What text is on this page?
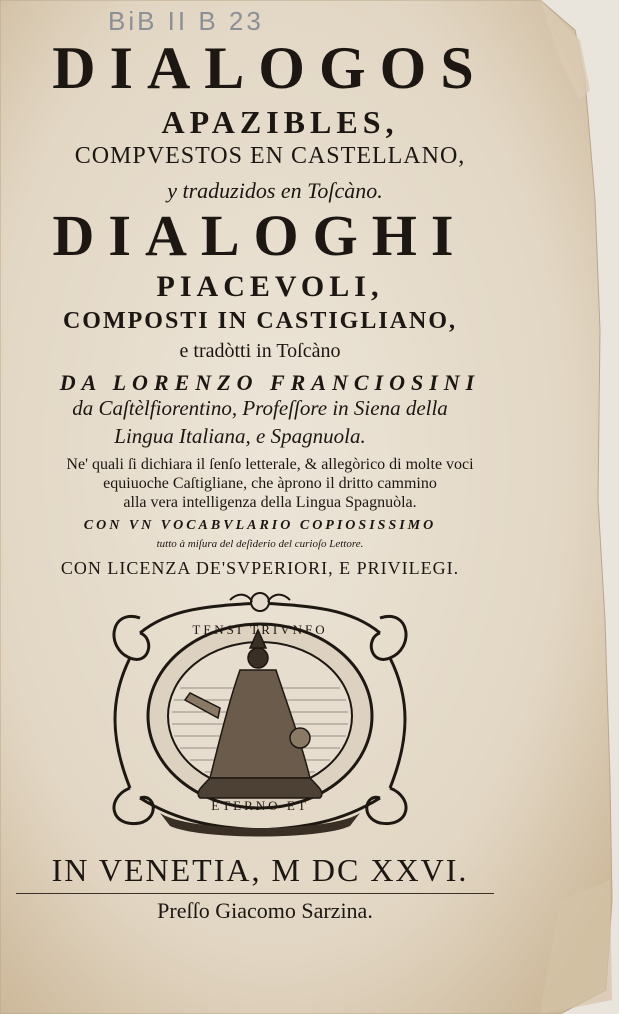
BiB II B 23
DIALOGOS
APAZIBLES,
COMPVESTOS EN CASTELLANO,
y traduzidos en Toſcàno.
DIALOGHI
PIACEVOLI,
COMPOSTI IN CASTIGLIANO,
e tradòtti in Toſcàno
DA LORENZO FRANCIOSINI
da Caſtèlfiorentino, Profeſſore in Siena della
Lingua Italiana, e Spagnuola.
Ne' quali ſi dichiara il ſenſo letterale, & allegòrico di molte voci
equiuoche Caſtigliane, che àprono il dritto cammino
alla vera intelligenza della Lingua Spagnuòla.
CON VN VOCABVLARIO COPIOSISSIMO
tutto à miſura del deſiderio del curioſo Lettore.
CON LICENZA DE'SVPERIORI, E PRIVILEGI.
TENSI TRIVNFO
ETERNO ET
IN VENETIA, M DC XXVI.
Preſſo Giacomo Sarzina.
